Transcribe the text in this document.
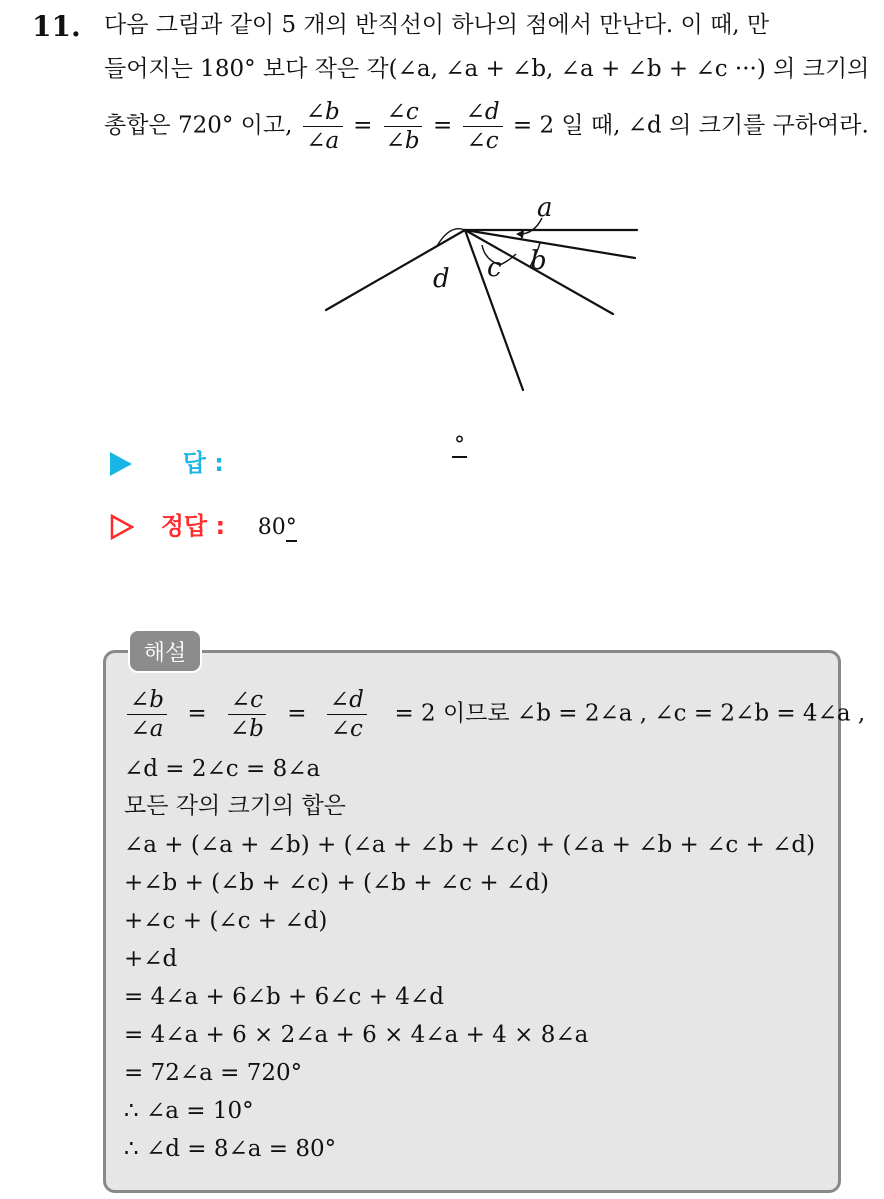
11. 다음 그림과 같이 5 개의 반직선이 하나의 점에서 만난다. 이 때, 만
들어지는 180° 보다 작은 각(∠a, ∠a + ∠b, ∠a + ∠b + ∠c ···) 의 크기의
총합은 720° 이고, $\frac{\angle b}{\angle a} = \frac{\angle c}{\angle b} = \frac{\angle d}{\angle c} = 2$ 일 때, ∠d 의 크기를 구하여라.
a
b
c
d
답 :
°
정답 : 80°
해설
$\frac{\angle b}{\angle a} = \frac{\angle c}{\angle b} = \frac{\angle d}{\angle c} = 2$ 이므로 ∠b = 2∠a , ∠c = 2∠b = 4∠a ,
∠d = 2∠c = 8∠a
모든 각의 크기의 합은
∠a + (∠a + ∠b) + (∠a + ∠b + ∠c) + (∠a + ∠b + ∠c + ∠d)
+∠b + (∠b + ∠c) + (∠b + ∠c + ∠d)
+∠c + (∠c + ∠d)
+∠d
= 4∠a + 6∠b + 6∠c + 4∠d
= 4∠a + 6 × 2∠a + 6 × 4∠a + 4 × 8∠a
= 72∠a = 720°
∴ ∠a = 10°
∴ ∠d = 8∠a = 80°
